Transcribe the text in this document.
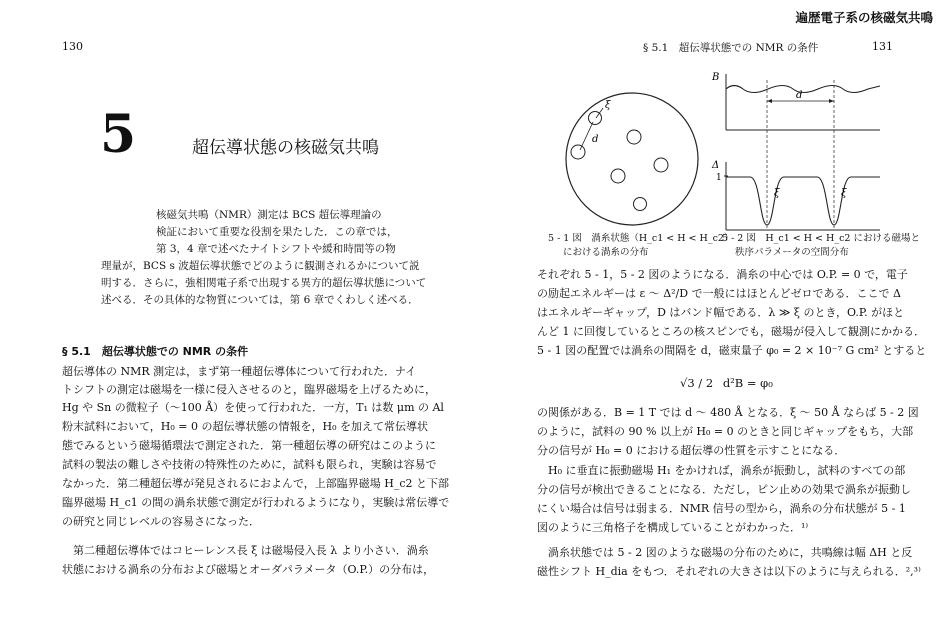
遍歴電子系の核磁気共鳴
130
5	超伝導状態の核磁気共鳴
核磁気共鳴（NMR）測定は BCS 超伝導理論の
検証において重要な役割を果たした．この章では，
第 3，4 章で述べたナイトシフトや緩和時間等の物
理量が，BCS s 波超伝導状態でどのように観測されるかについて説
明する．さらに，強相関電子系で出現する異方的超伝導状態について
述べる．その具体的な物質については，第 6 章でくわしく述べる．
§ 5.1　超伝導状態での NMR の条件
超伝導体の NMR 測定は，まず第一種超伝導体について行われた．ナイ
トシフトの測定は磁場を一様に侵入させるのと，臨界磁場を上げるために，
Hg や Sn の微粒子（～100 Å）を使って行われた．一方，T₁ は数 μm の Al
粉末試料において，H₀ = 0 の超伝導状態の情報を，H₀ を加えて常伝導状
態でみるという磁場循環法で測定された．第一種超伝導の研究はこのように
試料の製法の難しさや技術の特殊性のために，試料も限られ，実験は容易で
なかった．第二種超伝導が発見されるにおよんで，上部臨界磁場 H_c2 と下部
臨界磁場 H_c1 の間の渦糸状態で測定が行われるようになり，実験は常伝導で
の研究と同じレベルの容易さになった．
　第二種超伝導体ではコヒーレンス長 ξ は磁場侵入長 λ より小さい．渦糸
状態における渦糸の分布および磁場とオーダパラメータ（O.P.）の分布は，
§ 5.1　超伝導状態での NMR の条件	131
ξ
d
5 - 1 図　渦糸状態（H_c1 < H < H_c2）
における渦糸の分布
B
d
Δ
1
ξ	ξ
5 - 2 図　H_c1 < H < H_c2 における磁場と
秩序パラメータの空間分布
それぞれ 5 - 1，5 - 2 図のようになる．渦糸の中心では O.P. = 0 で，電子
の励起エネルギーは ε ～ Δ²/D で一般にはほとんどゼロである．ここで Δ
はエネルギーギャップ，D はバンド幅である．λ ≫ ξ のとき，O.P. がほと
んど 1 に回復しているところの核スピンでも，磁場が侵入して観測にかかる．
5 - 1 図の配置では渦糸の間隔を d，磁束量子 φ₀ = 2 × 10⁻⁷ G cm² とすると
√3 / 2 d²B = φ₀
の関係がある．B = 1 T では d ～ 480 Å となる．ξ ～ 50 Å ならば 5 - 2 図
のように，試料の 90 % 以上が H₀ = 0 のときと同じギャップをもち，大部
分の信号が H₀ = 0 における超伝導の性質を示すことになる．
　H₀ に垂直に振動磁場 H₁ をかければ，渦糸が振動し，試料のすべての部
分の信号が検出できることになる．ただし，ピン止めの効果で渦糸が振動し
にくい場合は信号は弱まる．NMR 信号の型から，渦糸の分布状態が 5 - 1
図のように三角格子を構成していることがわかった．¹⁾
　渦糸状態では 5 - 2 図のような磁場の分布のために，共鳴線は幅 ΔH と反
磁性シフト H_dia をもつ．それぞれの大きさは以下のように与えられる．²,³⁾
